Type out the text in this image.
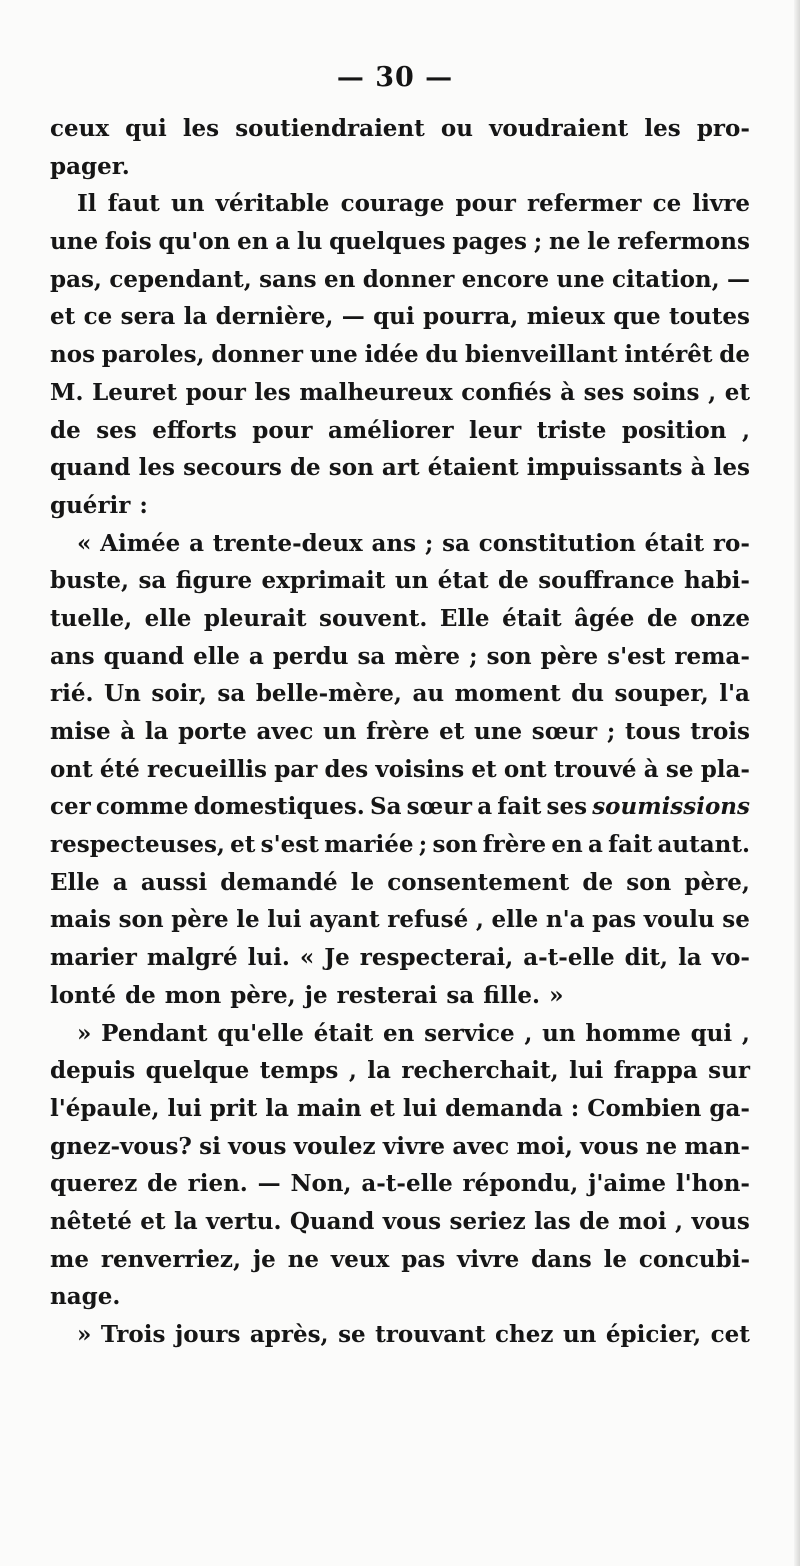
— 30 —
ceux qui les soutiendraient ou voudraient les pro-
pager.
Il faut un véritable courage pour refermer ce livre
une fois qu'on en a lu quelques pages ; ne le refermons
pas, cependant, sans en donner encore une citation, —
et ce sera la dernière, — qui pourra, mieux que toutes
nos paroles, donner une idée du bienveillant intérêt de
M. Leuret pour les malheureux confiés à ses soins , et
de ses efforts pour améliorer leur triste position ,
quand les secours de son art étaient impuissants à les
guérir :
« Aimée a trente-deux ans ; sa constitution était ro-
buste, sa figure exprimait un état de souffrance habi-
tuelle, elle pleurait souvent. Elle était âgée de onze
ans quand elle a perdu sa mère ; son père s'est rema-
rié. Un soir, sa belle-mère, au moment du souper, l'a
mise à la porte avec un frère et une sœur ; tous trois
ont été recueillis par des voisins et ont trouvé à se pla-
cer comme domestiques. Sa sœur a fait ses soumissions
respecteuses, et s'est mariée ; son frère en a fait autant.
Elle a aussi demandé le consentement de son père,
mais son père le lui ayant refusé , elle n'a pas voulu se
marier malgré lui. « Je respecterai, a-t-elle dit, la vo-
lonté de mon père, je resterai sa fille. »
» Pendant qu'elle était en service , un homme qui ,
depuis quelque temps , la recherchait, lui frappa sur
l'épaule, lui prit la main et lui demanda : Combien ga-
gnez-vous? si vous voulez vivre avec moi, vous ne man-
querez de rien. — Non, a-t-elle répondu, j'aime l'hon-
nêteté et la vertu. Quand vous seriez las de moi , vous
me renverriez, je ne veux pas vivre dans le concubi-
nage.
» Trois jours après, se trouvant chez un épicier, cet
